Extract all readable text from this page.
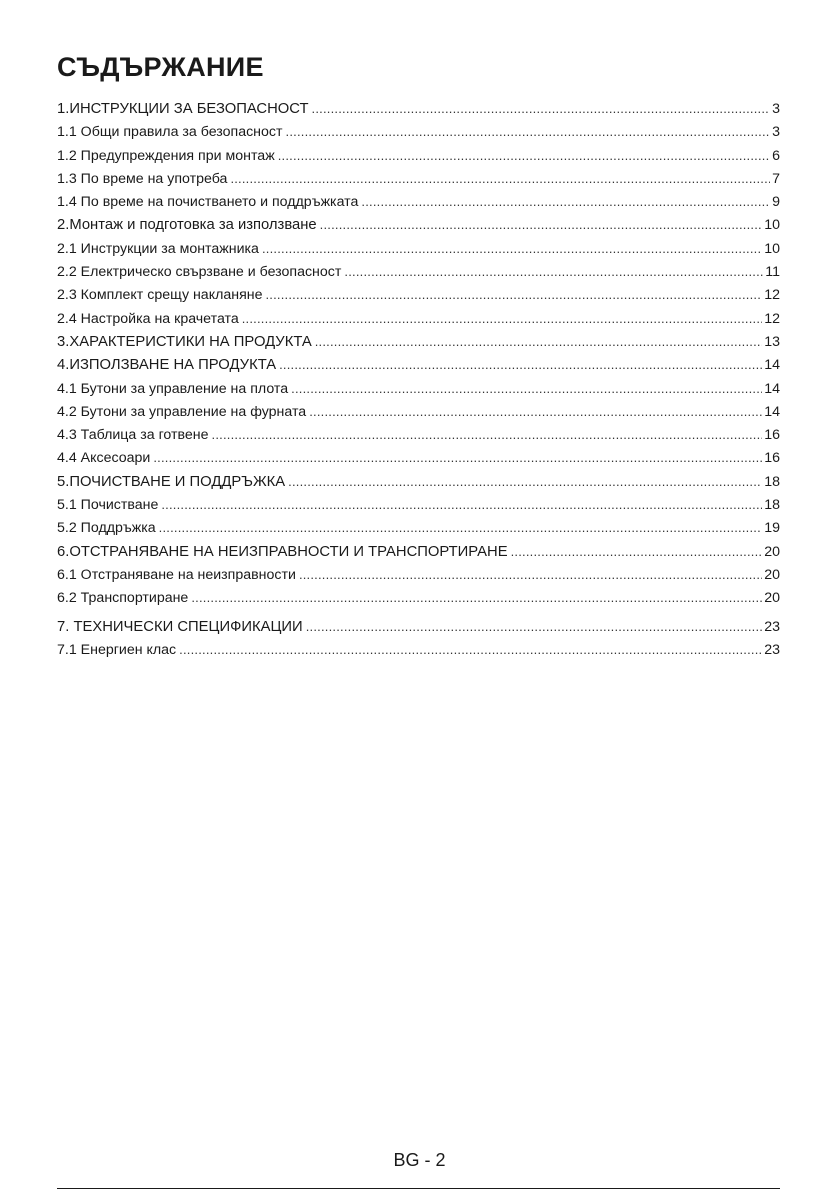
СЪДЪРЖАНИЕ
1.ИНСТРУКЦИИ ЗА БЕЗОПАСНОСТ .....	3
1.1 Общи правила за безопасност .....	3
1.2 Предупреждения при монтаж .....	6
1.3 По време на употреба .....	7
1.4 По време на почистването и поддръжката .....	9
2.Монтаж и подготовка за използване .....	10
2.1 Инструкции за монтажника .....	10
2.2 Електрическо свързване и безопасност .....	11
2.3 Комплект срещу накланяне .....	12
2.4 Настройка на крачетата .....	12
3.ХАРАКТЕРИСТИКИ НА ПРОДУКТА .....	13
4.ИЗПОЛЗВАНЕ НА ПРОДУКТА .....	14
4.1 Бутони за управление на плота .....	14
4.2 Бутони за управление на фурната .....	14
4.3 Таблица за готвене .....	16
4.4 Аксесоари .....	16
5.ПОЧИСТВАНЕ И ПОДДРЪЖКА .....	18
5.1 Почистване .....	18
5.2 Поддръжка .....	19
6.ОТСТРАНЯВАНЕ НА НЕИЗПРАВНОСТИ И ТРАНСПОРТИРАНЕ .....	20
6.1 Отстраняване на неизправности .....	20
6.2 Транспортиране .....	20
7. ТЕХНИЧЕСКИ СПЕЦИФИКАЦИИ .....	23
7.1 Енергиен клас .....	23
BG - 2
